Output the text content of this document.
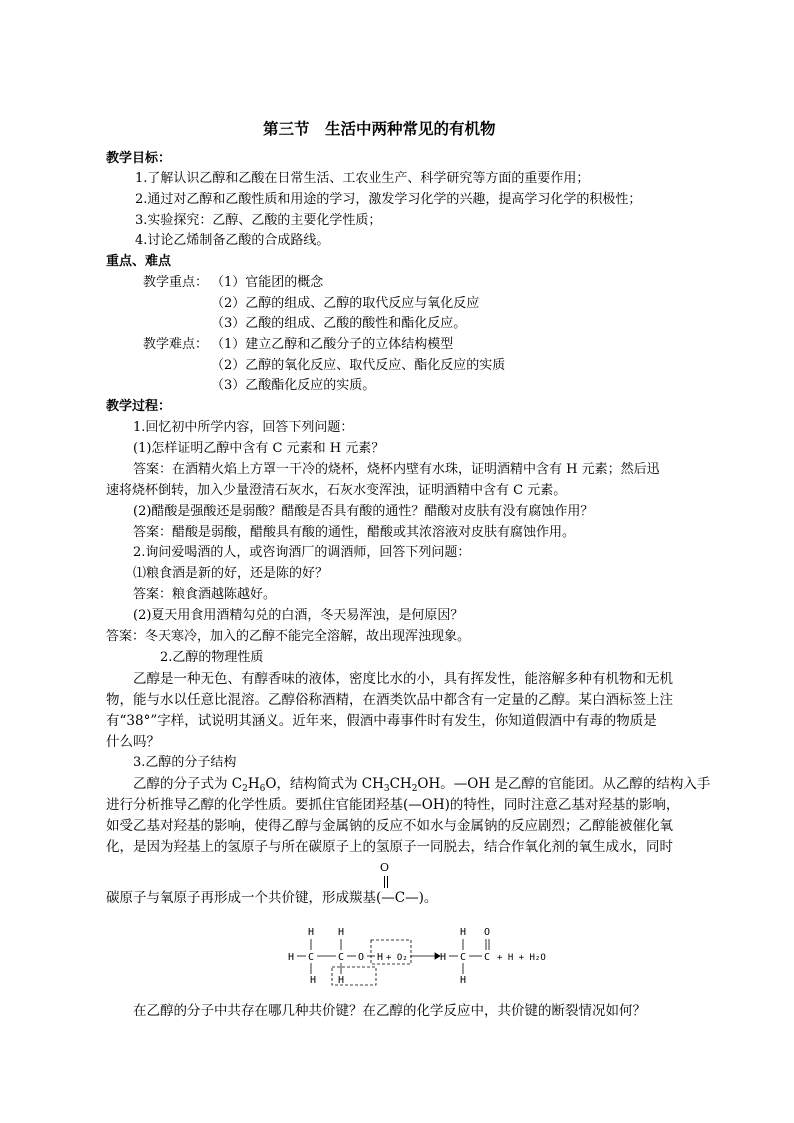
第三节　生活中两种常见的有机物
教学目标：
1.了解认识乙醇和乙酸在日常生活、工农业生产、科学研究等方面的重要作用；
2.通过对乙醇和乙酸性质和用途的学习，激发学习化学的兴趣，提高学习化学的积极性；
3.实验探究：乙醇、乙酸的主要化学性质；
4.讨论乙烯制备乙酸的合成路线。
重点、难点
教学重点： （1）官能团的概念
（2）乙醇的组成、乙醇的取代反应与氧化反应
（3）乙酸的组成、乙酸的酸性和酯化反应。
教学难点： （1）建立乙醇和乙酸分子的立体结构模型
（2）乙醇的氧化反应、取代反应、酯化反应的实质
（3）乙酸酯化反应的实质。
教学过程：
1.回忆初中所学内容，回答下列问题：
(1)怎样证明乙醇中含有 C 元素和 H 元素？
答案：在酒精火焰上方罩一干冷的烧杯，烧杯内壁有水珠，证明酒精中含有 H 元素；然后迅
速将烧杯倒转，加入少量澄清石灰水，石灰水变浑浊，证明酒精中含有 C 元素。
(2)醋酸是强酸还是弱酸？醋酸是否具有酸的通性？醋酸对皮肤有没有腐蚀作用？
答案：醋酸是弱酸，醋酸具有酸的通性，醋酸或其浓溶液对皮肤有腐蚀作用。
2.询问爱喝酒的人，或咨询酒厂的调酒师，回答下列问题：
⑴粮食酒是新的好，还是陈的好？
答案：粮食酒越陈越好。
(2)夏天用食用酒精勾兑的白酒，冬天易浑浊，是何原因？
答案：冬天寒冷，加入的乙醇不能完全溶解，故出现浑浊现象。
2.乙醇的物理性质
乙醇是一种无色、有醇香味的液体，密度比水的小，具有挥发性，能溶解多种有机物和无机
物，能与水以任意比混溶。乙醇俗称酒精，在酒类饮品中都含有一定量的乙醇。某白酒标签上注
有“38°”字样，试说明其涵义。近年来，假酒中毒事件时有发生，你知道假酒中有毒的物质是
什么吗？
3.乙醇的分子结构
乙醇的分子式为 $C_2H_6O$，结构简式为 $CH_3CH_2OH$。—OH 是乙醇的官能团。从乙醇的结构入手
进行分析推导乙醇的化学性质。要抓住官能团羟基(—OH)的特性，同时注意乙基对羟基的影响，
如受乙基对羟基的影响，使得乙醇与金属钠的反应不如水与金属钠的反应剧烈；乙醇能被催化氧
化，是因为羟基上的氢原子与所在碳原子上的氢原子一同脱去，结合作氧化剂的氧生成水，同时
O
碳原子与氧原子再形成一个共价键，形成羰基(—C—)。
H H
H C C O H + O₂
H H
H O
H C C + H + H₂O
H
在乙醇的分子中共存在哪几种共价键？在乙醇的化学反应中，共价键的断裂情况如何？
